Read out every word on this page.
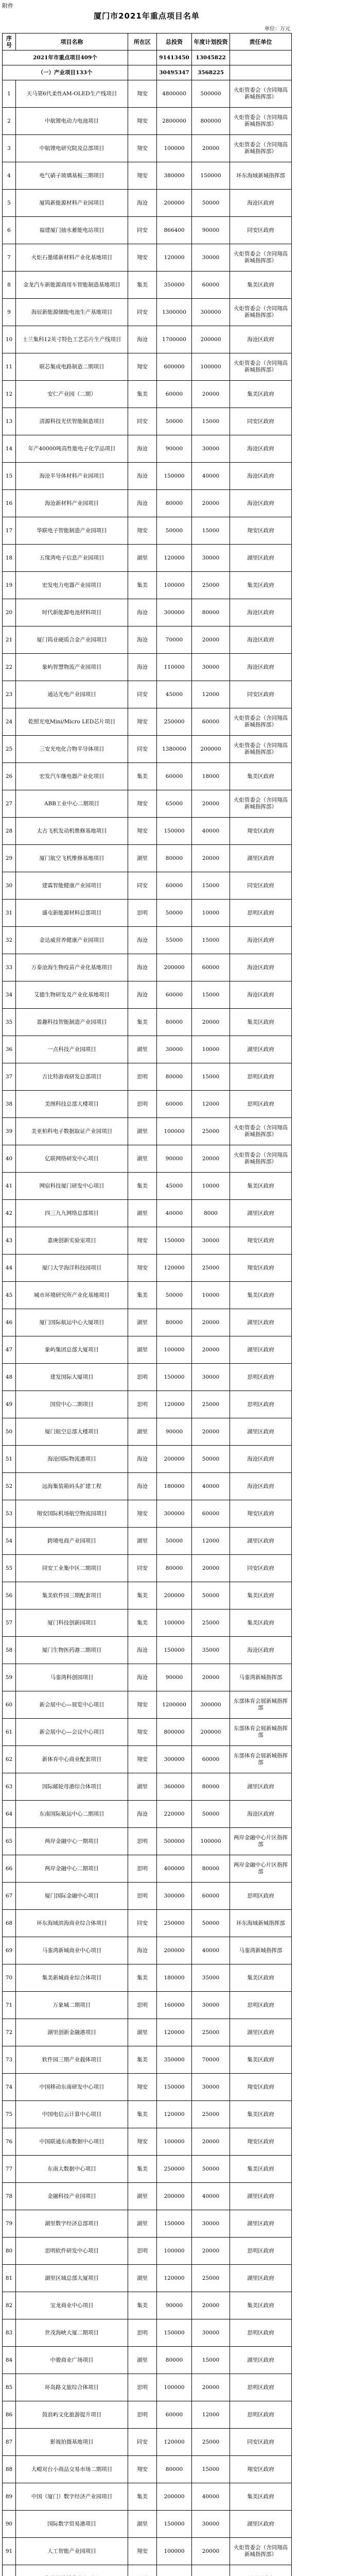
附件
厦门市2021年重点项目名单
单位：万元
序号	项目名称	所在区	总投资	年度计划投资	责任单位
2021年市重点项目409个			91413450	13045822	
（一）产业项目133个			30495347	3568225	
1	天马第6代柔性AM-OLED生产线项目	翔安	4800000	500000	火炬管委会（含同翔高新城指挥部）
2	中航锂电动力电池项目	翔安	2800000	800000	火炬管委会（含同翔高新城指挥部）
3	中航锂电研究院及总部项目	翔安	100000	20000	火炬管委会（含同翔高新城指挥部）
4	电气硝子玻璃基板三期项目	翔安	380000	150000	环东海域新城指挥部
5	厦钨新能源材料产业园项目	海沧	200000	50000	海沧区政府
6	福建厦门抽水蓄能电站项目	同安	866400	90000	同安区政府
7	火炬石墨烯新材料产业化基地项目	翔安	120000	30000	火炬管委会（含同翔高新城指挥部）
8	金龙汽车新能源商用车智能制造基地项目	集美	350000	60000	集美区政府
9	海辰新能源储能电池生产基地项目	同安	1300000	300000	火炬管委会（含同翔高新城指挥部）
10	士兰集科12英寸特色工艺芯片生产线项目	海沧	1700000	200000	海沧区政府
11	联芯集成电路制造二期项目	翔安	600000	100000	火炬管委会（含同翔高新城指挥部）
12	安仁产业园（二期）	集美	60000	20000	集美区政府
13	清源科技光伏智能制造项目	同安	50000	15000	同安区政府
14	年产40000吨高性能电子化学品项目	海沧	90000	30000	海沧区政府
15	海沧半导体材料产业园项目	海沧	150000	40000	海沧区政府
16	海沧新材料产业园项目	海沧	80000	20000	海沧区政府
17	华联电子智能制造产业园项目	翔安	50000	15000	翔安区政府
18	五缘湾电子信息产业园项目	湖里	120000	30000	湖里区政府
19	宏发电力电器产业园项目	集美	100000	25000	集美区政府
20	时代新能源电池材料项目	海沧	300000	80000	海沧区政府
21	厦门钨业硬质合金产业园项目	海沧	70000	20000	海沧区政府
22	象屿智慧物流产业园项目	海沧	110000	30000	海沧区政府
23	通达光电产业园项目	同安	45000	12000	同安区政府
24	乾照光电Mini/Micro LED芯片项目	翔安	250000	60000	火炬管委会（含同翔高新城指挥部）
25	三安光电化合物半导体项目	同安	1380000	200000	火炬管委会（含同翔高新城指挥部）
26	宏发汽车继电器产业化项目	集美	60000	18000	集美区政府
27	ABB工业中心二期项目	翔安	65000	20000	火炬管委会（含同翔高新城指挥部）
28	太古飞机发动机维修基地项目	翔安	150000	40000	翔安区政府
29	厦门航空飞机维修基地项目	湖里	80000	20000	湖里区政府
30	建霖智能健康产业园项目	同安	60000	15000	同安区政府
31	盛屯新能源材料总部项目	思明	50000	10000	思明区政府
32	金达威营养健康产业园项目	海沧	55000	15000	海沧区政府
33	万泰沧海生物疫苗产业化基地项目	海沧	200000	60000	海沧区政府
34	艾德生物研发及产业化基地项目	海沧	60000	15000	海沧区政府
35	盈趣科技智能制造产业园项目	集美	80000	20000	集美区政府
36	一点科技产业园项目	湖里	30000	10000	湖里区政府
37	吉比特游戏研发总部项目	思明	80000	15000	思明区政府
38	美图科技总部大楼项目	思明	60000	12000	思明区政府
39	美亚柏科电子数据取证产业园项目	湖里	100000	25000	火炬管委会（含同翔高新城指挥部）
40	亿联网络研发中心项目	湖里	90000	20000	火炬管委会（含同翔高新城指挥部）
41	网宿科技厦门研发中心项目	集美	45000	10000	集美区政府
42	四三九九网络总部项目	湖里	40000	8000	湖里区政府
43	嘉庚创新实验室项目	翔安	150000	30000	翔安区政府
44	厦门大学海洋科技园项目	翔安	120000	25000	翔安区政府
45	城市环境研究所产业化基地项目	集美	50000	10000	集美区政府
46	厦门国际航运中心大厦项目	湖里	80000	20000	湖里区政府
47	象屿集团总部大厦项目	湖里	100000	20000	湖里区政府
48	建发国际大厦项目	思明	150000	30000	思明区政府
49	国贸中心二期项目	思明	120000	25000	思明区政府
50	厦门航空总部大楼项目	湖里	90000	20000	湖里区政府
51	海沧国际物流港项目	海沧	200000	50000	海沧区政府
52	远海集装箱码头扩建工程	海沧	180000	40000	海沧区政府
53	翔安国际机场航空物流园项目	翔安	300000	60000	翔安区政府
54	跨境电商产业园项目	湖里	50000	12000	湖里区政府
55	同安工业集中区二期项目	同安	80000	20000	同安区政府
56	集美软件园三期配套项目	集美	200000	50000	集美区政府
57	厦门科技创新园项目	集美	100000	25000	集美区政府
58	厦门生物医药港二期项目	海沧	150000	35000	海沧区政府
59	马銮湾科创园项目	海沧	90000	20000	马銮湾新城指挥部
60	新会展中心—展览中心项目	翔安	1200000	300000	东部体育会展新城指挥部
61	新会展中心—会议中心项目	翔安	800000	200000	东部体育会展新城指挥部
62	新体育中心商业配套项目	翔安	300000	60000	东部体育会展新城指挥部
63	国际邮轮母港综合体项目	湖里	360000	80000	湖里区政府
64	东南国际航运中心二期项目	海沧	220000	50000	海沧区政府
65	两岸金融中心一期项目	思明	500000	100000	两岸金融中心片区指挥部
66	两岸金融中心二期项目	思明	400000	80000	两岸金融中心片区指挥部
67	厦门国际金融中心项目	思明	300000	60000	思明区政府
68	环东海域滨海商业综合体项目	同安	250000	50000	环东海域新城指挥部
69	马銮湾新城商业中心项目	海沧	200000	40000	马銮湾新城指挥部
70	集美新城商业综合体项目	集美	180000	35000	集美区政府
71	万象城二期项目	思明	160000	30000	思明区政府
72	湖里创新金融港项目	湖里	120000	25000	湖里区政府
73	软件园三期产业载体项目	集美	350000	70000	集美区政府
74	中国移动东南研发中心项目	翔安	150000	30000	翔安区政府
75	中国电信云计算中心项目	集美	120000	25000	集美区政府
76	中国联通东南数据中心项目	翔安	100000	20000	翔安区政府
77	东南大数据中心项目	集美	250000	50000	集美区政府
78	金融科技产业园项目	湖里	200000	40000	湖里区政府
79	湖里数字经济总部项目	湖里	150000	30000	湖里区政府
80	思明软件研发中心项目	思明	100000	20000	思明区政府
81	湖里区域总部大厦项目	湖里	120000	25000	湖里区政府
82	宝龙商业中心项目	集美	90000	20000	集美区政府
83	世茂海峡大厦二期项目	思明	150000	30000	思明区政府
84	中骏商业广场项目	湖里	80000	15000	湖里区政府
85	环岛路文旅综合体项目	思明	100000	20000	思明区政府
86	鼓浪屿文化旅游提升项目	思明	60000	12000	思明区政府
87	影视拍摄基地项目	同安	120000	25000	同安区政府
88	大嶝对台小商品交易市场二期项目	翔安	80000	15000	翔安区政府
89	中国（厦门）数字经济产业园项目	集美	200000	40000	集美区政府
90	国际数字贸易港项目	湖里	150000	30000	湖里区政府
91	人工智能产业园项目	翔安	100000	20000	火炬管委会（含同翔高新城指挥部）
